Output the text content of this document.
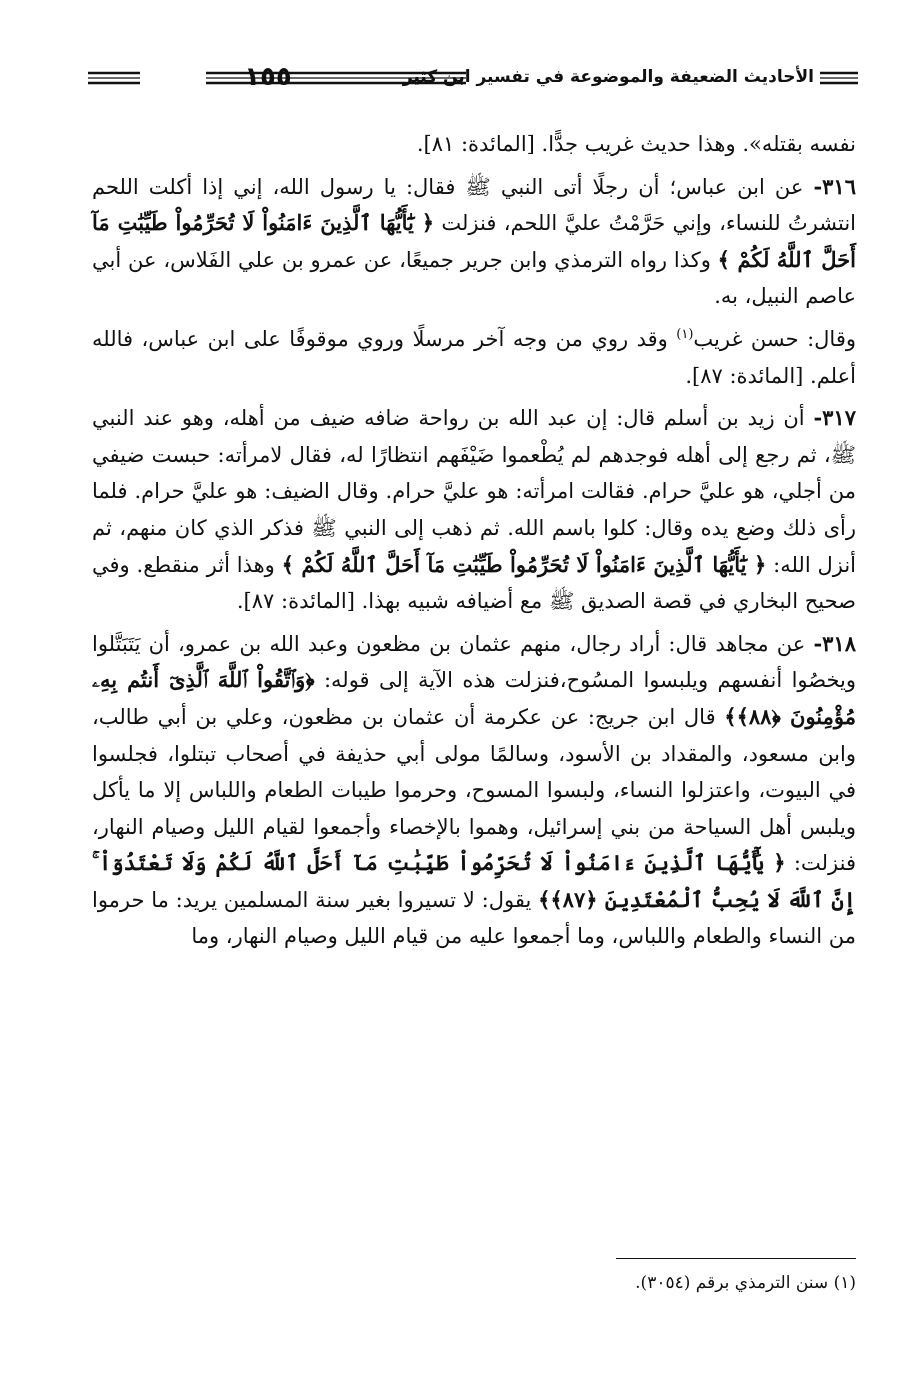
١٥٥	الأحاديث الضعيفة والموضوعة في تفسير ابن كثير

نفسه بقتله». وهذا حديث غريب جدًّا. [المائدة: ٨١].

٣١٦- عن ابن عباس؛ أن رجلًا أتى النبي ﷺ فقال: يا رسول الله، إني إذا أكلت اللحم انتشرتُ للنساء، وإني حَرَّمْتُ عليَّ اللحم، فنزلت ﴿ يَٰٓأَيُّهَا ٱلَّذِينَ ءَامَنُواْ لَا تُحَرِّمُواْ طَيِّبَٰتِ مَآ أَحَلَّ ٱللَّهُ لَكُمْ ﴾ وكذا رواه الترمذي وابن جرير جميعًا، عن عمرو بن علي الفَلاس، عن أبي عاصم النبيل، به.

وقال: حسن غريب$^{(١)}$ وقد روي من وجه آخر مرسلًا وروي موقوفًا على ابن عباس، فالله أعلم. [المائدة: ٨٧].

٣١٧- أن زيد بن أسلم قال: إن عبد الله بن رواحة ضافه ضيف من أهله، وهو عند النبي ﷺ، ثم رجع إلى أهله فوجدهم لم يُطْعموا ضَيْفَهم انتظارًا له، فقال لامرأته: حبست ضيفي من أجلي، هو عليَّ حرام. فقالت امرأته: هو عليَّ حرام. وقال الضيف: هو عليَّ حرام. فلما رأى ذلك وضع يده وقال: كلوا باسم الله. ثم ذهب إلى النبي ﷺ فذكر الذي كان منهم، ثم أنزل الله: ﴿ يَٰٓأَيُّهَا ٱلَّذِينَ ءَامَنُواْ لَا تُحَرِّمُواْ طَيِّبَٰتِ مَآ أَحَلَّ ٱللَّهُ لَكُمْ ﴾ وهذا أثر منقطع. وفي صحيح البخاري في قصة الصديق ﷺ مع أضيافه شبيه بهذا. [المائدة: ٨٧].

٣١٨- عن مجاهد قال: أراد رجال، منهم عثمان بن مظعون وعبد الله بن عمرو، أن يَتَبَتَّلوا ويخصُوا أنفسهم ويلبسوا المسُوح،فنزلت هذه الآية إلى قوله: ﴿وَٱتَّقُواْ ٱللَّهَ ٱلَّذِىٓ أَنتُم بِهِۦ مُؤْمِنُونَ ﴿٨٨﴾﴾ قال ابن جريج: عن عكرمة أن عثمان بن مظعون، وعلي بن أبي طالب، وابن مسعود، والمقداد بن الأسود، وسالمًا مولى أبي حذيفة في أصحاب تبتلوا، فجلسوا في البيوت، واعتزلوا النساء، ولبسوا المسوح، وحرموا طيبات الطعام واللباس إلا ما يأكل ويلبس أهل السياحة من بني إسرائيل، وهموا بالإخصاء وأجمعوا لقيام الليل وصيام النهار، فنزلت: ﴿ يَٰٓأَيُّهَا ٱلَّذِينَ ءَامَنُواْ لَا تُحَرِّمُواْ طَيِّبَٰتِ مَآ أَحَلَّ ٱللَّهُ لَكُمْ وَلَا تَعْتَدُوٓاْ ۚ إِنَّ ٱللَّهَ لَا يُحِبُّ ٱلْمُعْتَدِينَ ﴿٨٧﴾﴾ يقول: لا تسيروا بغير سنة المسلمين يريد: ما حرموا من النساء والطعام واللباس، وما أجمعوا عليه من قيام الليل وصيام النهار، وما

(١) سنن الترمذي برقم (٣٠٥٤).
